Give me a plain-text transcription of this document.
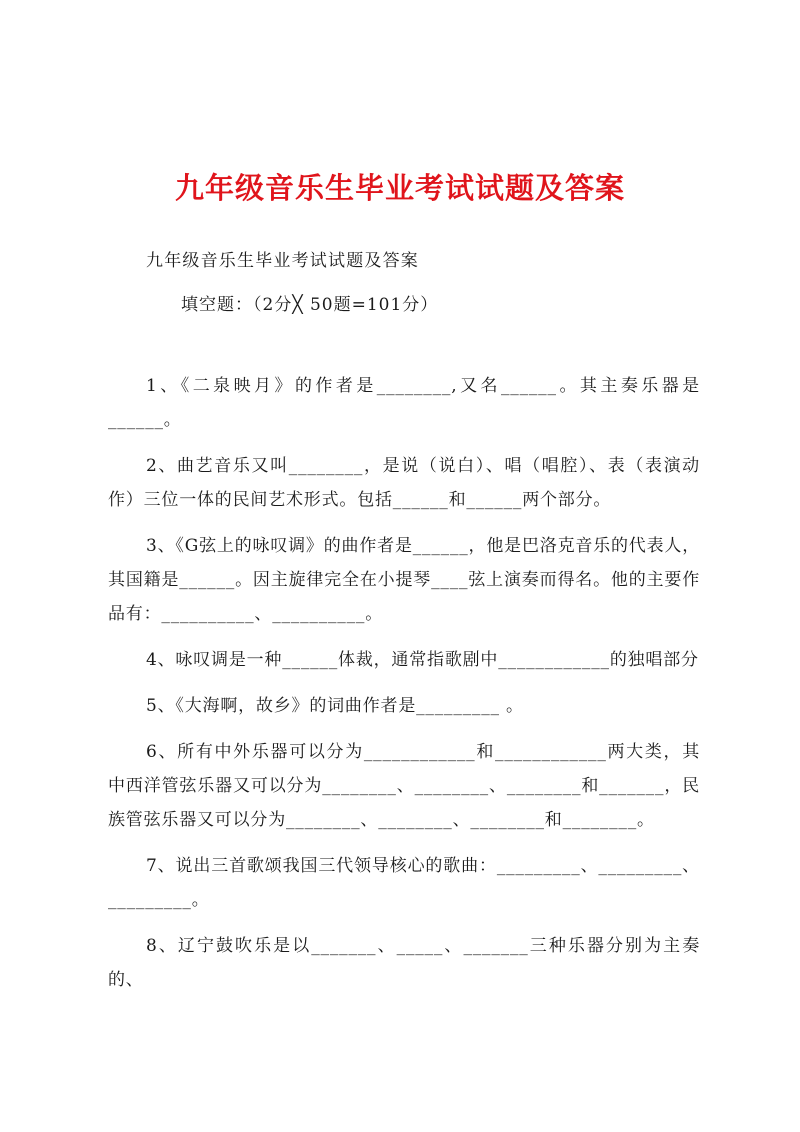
九年级音乐生毕业考试试题及答案
九年级音乐生毕业考试试题及答案
填空题：（2分╳ 50题=101分）

1、《二泉映月》的作者是________,又名______。其主奏乐器是______。

2、曲艺音乐又叫________，是说（说白）、唱（唱腔）、表（表演动作）三位一体的民间艺术形式。包括______和______两个部分。

3、《G弦上的咏叹调》的曲作者是______，他是巴洛克音乐的代表人，其国籍是______。因主旋律完全在小提琴____弦上演奏而得名。他的主要作品有：__________、__________。

4、咏叹调是一种______体裁，通常指歌剧中____________的独唱部分

5、《大海啊，故乡》的词曲作者是_________ 。

6、所有中外乐器可以分为____________和____________两大类，其中西洋管弦乐器又可以分为________、________、________和_______，民族管弦乐器又可以分为________、________、________和________。

7、说出三首歌颂我国三代领导核心的歌曲：_________、_________、_________。

8、辽宁鼓吹乐是以_______、_____、_______三种乐器分别为主奏的、
